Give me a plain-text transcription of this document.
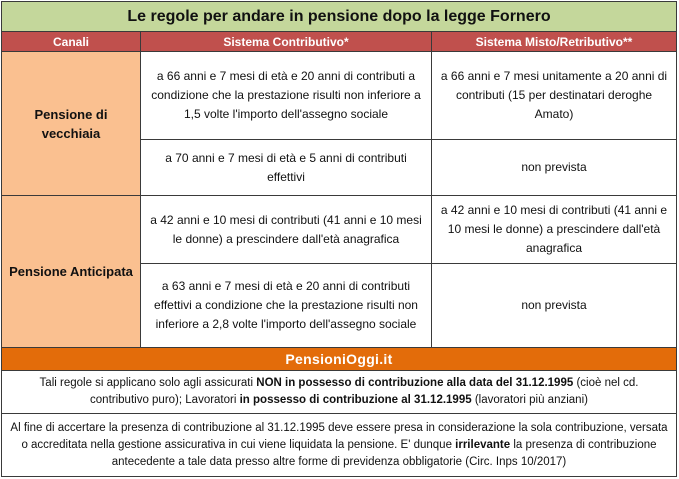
Le regole per andare in pensione dopo la legge Fornero
Canali	Sistema Contributivo*	Sistema Misto/Retributivo**
Pensione di vecchiaia
a 66 anni e 7 mesi di età e 20 anni di contributi a condizione che la prestazione risulti non inferiore a 1,5 volte l'importo dell'assegno sociale
a 66 anni e 7 mesi unitamente a 20 anni di contributi (15 per destinatari deroghe Amato)
a 70 anni e 7 mesi di età e 5 anni di contributi effettivi
non prevista
Pensione Anticipata
a 42 anni e 10 mesi di contributi (41 anni e 10 mesi le donne) a prescindere dall'età anagrafica
a 42 anni e 10 mesi di contributi (41 anni e 10 mesi le donne) a prescindere dall'età anagrafica
a 63 anni e 7 mesi di età e 20 anni di contributi effettivi a condizione che la prestazione risulti non inferiore a 2,8 volte l'importo dell'assegno sociale
non prevista
PensioniOggi.it
Tali regole si applicano solo agli assicurati NON in possesso di contribuzione alla data del 31.12.1995 (cioè nel cd. contributivo puro); Lavoratori in possesso di contribuzione al 31.12.1995 (lavoratori più anziani)
Al fine di accertare la presenza di contribuzione al 31.12.1995 deve essere presa in considerazione la sola contribuzione, versata o accreditata nella gestione assicurativa in cui viene liquidata la pensione. E' dunque irrilevante la presenza di contribuzione antecedente a tale data presso altre forme di previdenza obbligatorie (Circ. Inps 10/2017)
